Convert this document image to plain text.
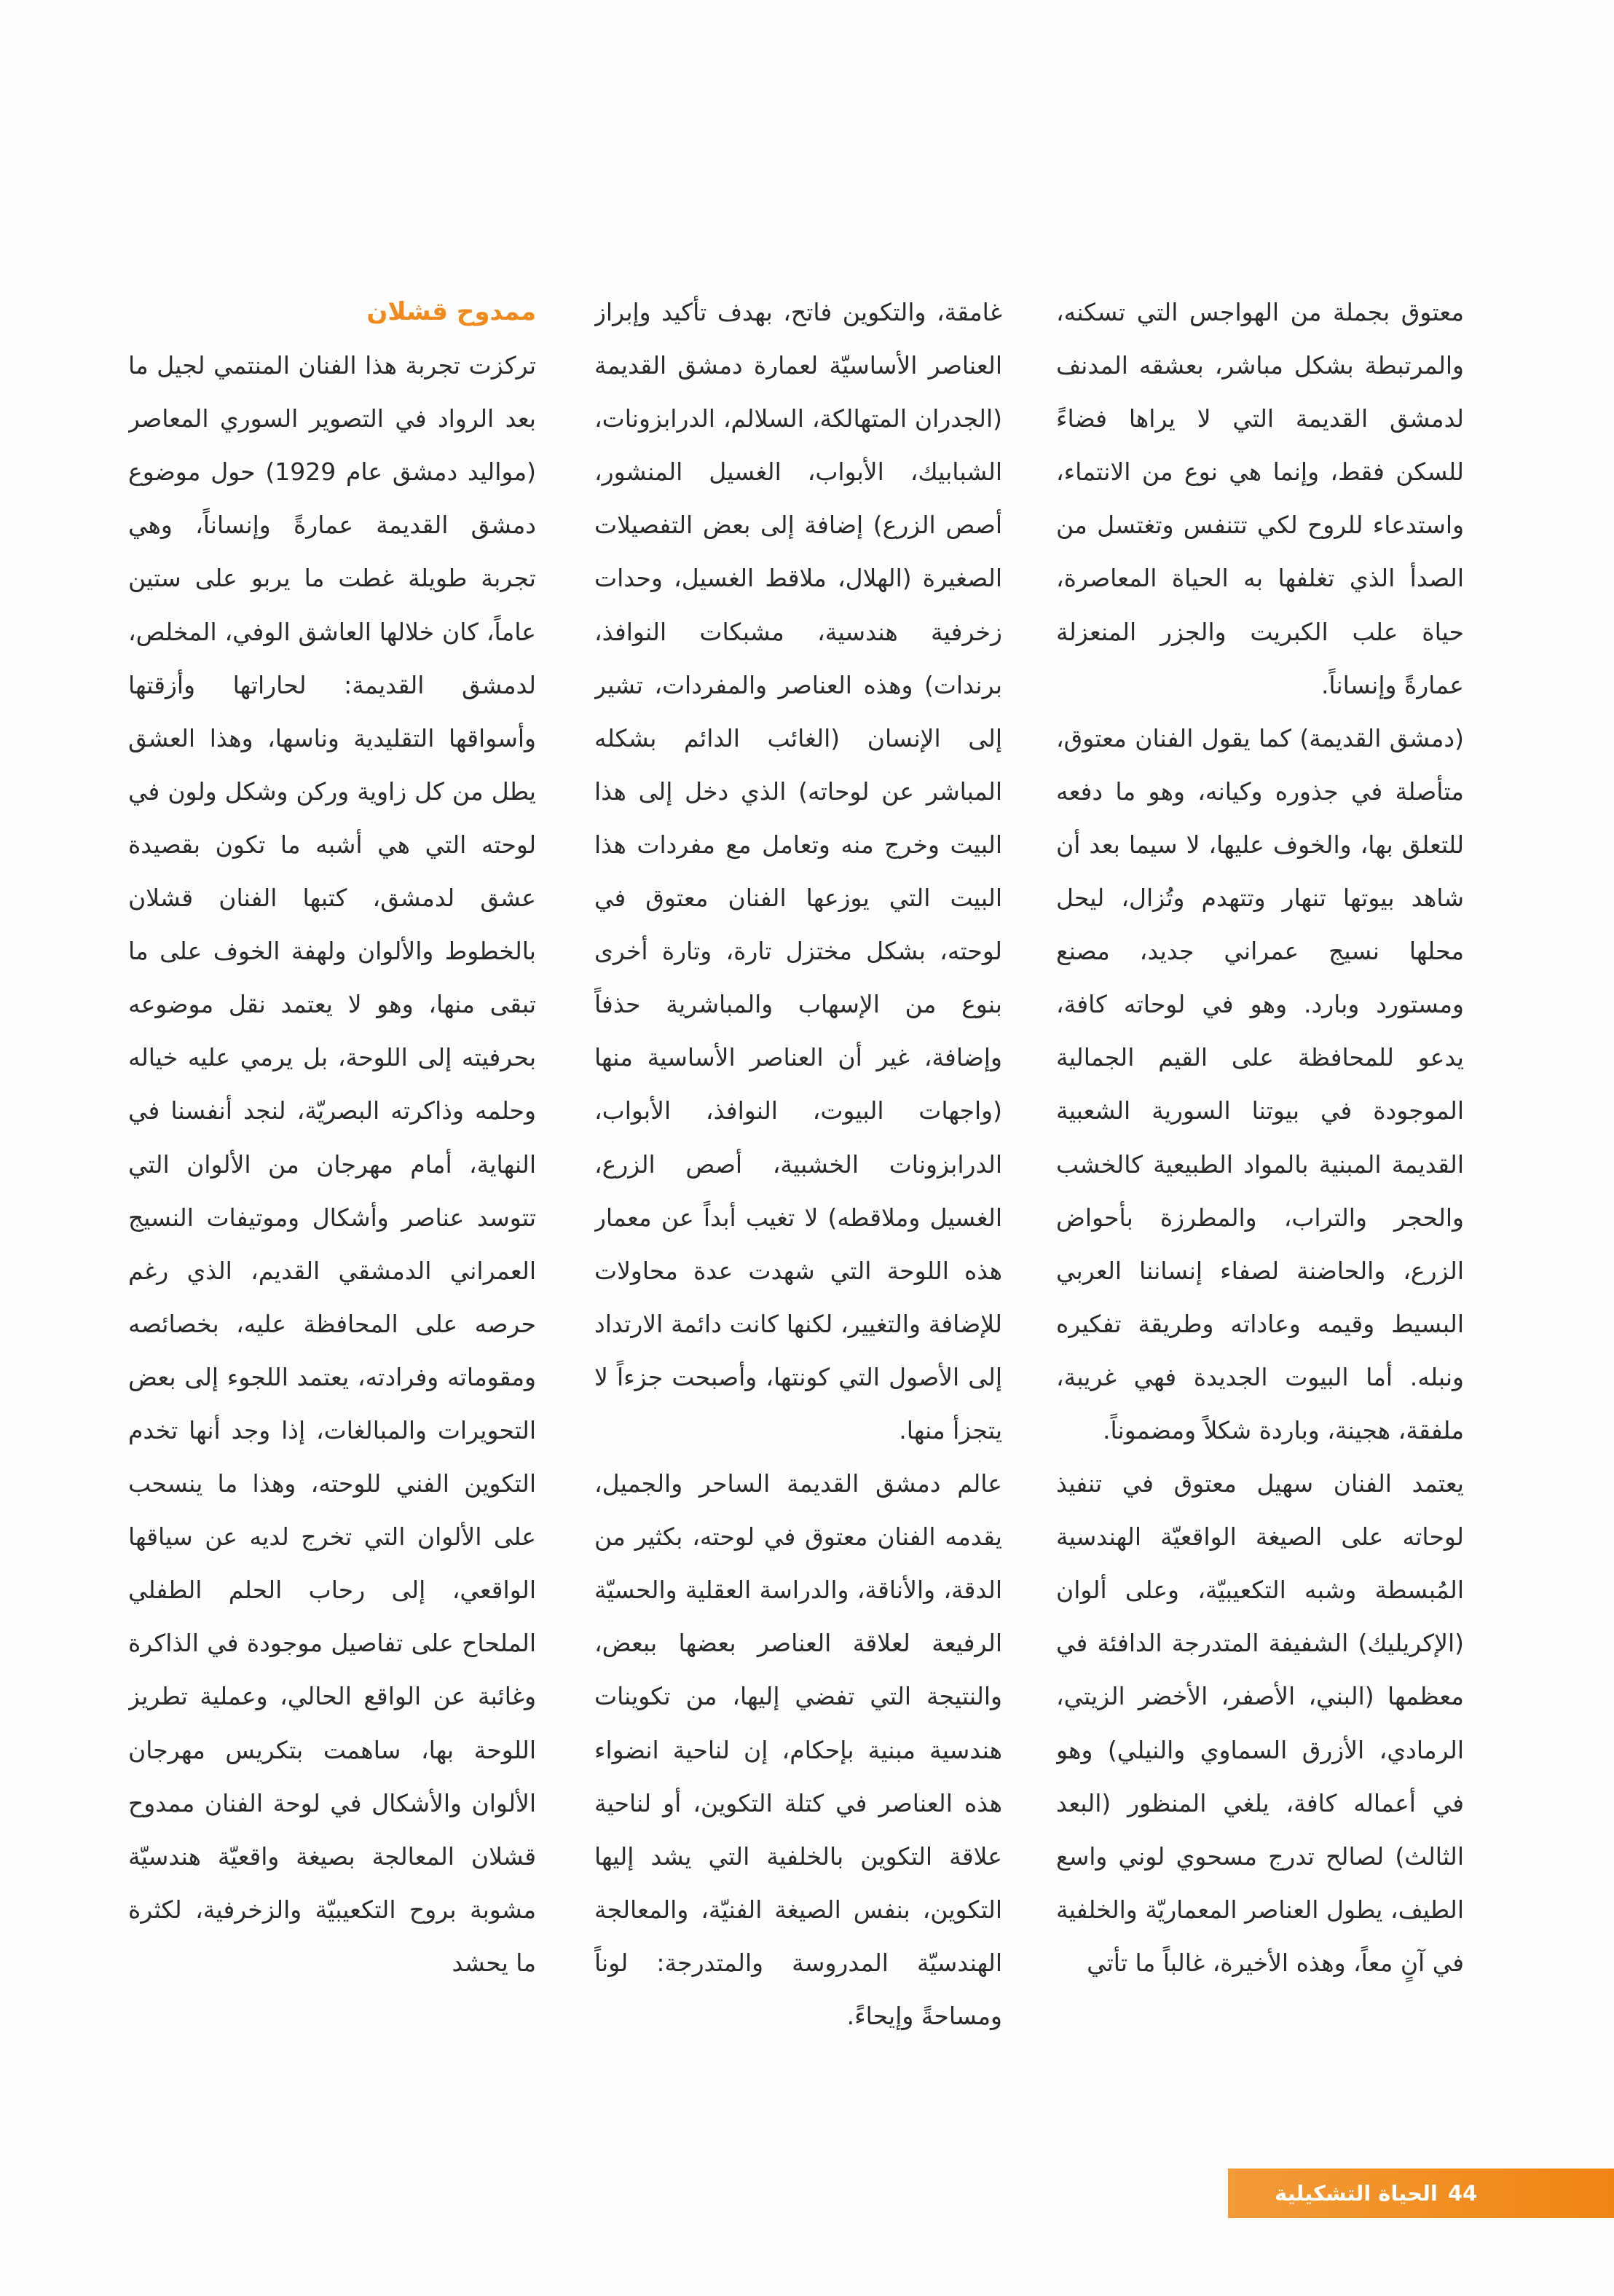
معتوق بجملة من الهواجس التي تسكنه، والمرتبطة بشكل مباشر، بعشقه المدنف لدمشق القديمة التي لا يراها فضاءً للسكن فقط، وإنما هي نوع من الانتماء، واستدعاء للروح لكي تتنفس وتغتسل من الصدأ الذي تغلفها به الحياة المعاصرة، حياة علب الكبريت والجزر المنعزلة عمارةً وإنساناً.

(دمشق القديمة) كما يقول الفنان معتوق، متأصلة في جذوره وكيانه، وهو ما دفعه للتعلق بها، والخوف عليها، لا سيما بعد أن شاهد بيوتها تنهار وتتهدم وتُزال، ليحل محلها نسيج عمراني جديد، مصنع ومستورد وبارد. وهو في لوحاته كافة، يدعو للمحافظة على القيم الجمالية الموجودة في بيوتنا السورية الشعبية القديمة المبنية بالمواد الطبيعية كالخشب والحجر والتراب، والمطرزة بأحواض الزرع، والحاضنة لصفاء إنساننا العربي البسيط وقيمه وعاداته وطريقة تفكيره ونبله. أما البيوت الجديدة فهي غريبة، ملفقة، هجينة، وباردة شكلاً ومضموناً.

يعتمد الفنان سهيل معتوق في تنفيذ لوحاته على الصيغة الواقعيّة الهندسية المُبسطة وشبه التكعيبيّة، وعلى ألوان (الإكريليك) الشفيفة المتدرجة الدافئة في معظمها (البني، الأصفر، الأخضر الزيتي، الرمادي، الأزرق السماوي والنيلي) وهو في أعماله كافة، يلغي المنظور (البعد الثالث) لصالح تدرج مسحوي لوني واسع الطيف، يطول العناصر المعماريّة والخلفية في آنٍ معاً، وهذه الأخيرة، غالباً ما تأتي

غامقة، والتكوين فاتح، بهدف تأكيد وإبراز العناصر الأساسيّة لعمارة دمشق القديمة (الجدران المتهالكة، السلالم، الدرابزونات، الشبابيك، الأبواب، الغسيل المنشور، أصص الزرع) إضافة إلى بعض التفصيلات الصغيرة (الهلال، ملاقط الغسيل، وحدات زخرفية هندسية، مشبكات النوافذ، برندات) وهذه العناصر والمفردات، تشير إلى الإنسان (الغائب الدائم بشكله المباشر عن لوحاته) الذي دخل إلى هذا البيت وخرج منه وتعامل مع مفردات هذا البيت التي يوزعها الفنان معتوق في لوحته، بشكل مختزل تارة، وتارة أخرى بنوع من الإسهاب والمباشرية حذفاً وإضافة، غير أن العناصر الأساسية منها (واجهات البيوت، النوافذ، الأبواب، الدرابزونات الخشبية، أصص الزرع، الغسيل وملاقطه) لا تغيب أبداً عن معمار هذه اللوحة التي شهدت عدة محاولات للإضافة والتغيير، لكنها كانت دائمة الارتداد إلى الأصول التي كونتها، وأصبحت جزءاً لا يتجزأ منها.

عالم دمشق القديمة الساحر والجميل، يقدمه الفنان معتوق في لوحته، بكثير من الدقة، والأناقة، والدراسة العقلية والحسيّة الرفيعة لعلاقة العناصر بعضها ببعض، والنتيجة التي تفضي إليها، من تكوينات هندسية مبنية بإحكام، إن لناحية انضواء هذه العناصر في كتلة التكوين، أو لناحية علاقة التكوين بالخلفية التي يشد إليها التكوين، بنفس الصيغة الفنيّة، والمعالجة الهندسيّة المدروسة والمتدرجة: لوناً ومساحةً وإيحاءً.

ممدوح قشلان

تركزت تجربة هذا الفنان المنتمي لجيل ما بعد الرواد في التصوير السوري المعاصر (مواليد دمشق عام 1929) حول موضوع دمشق القديمة عمارةً وإنساناً، وهي تجربة طويلة غطت ما يربو على ستين عاماً، كان خلالها العاشق الوفي، المخلص، لدمشق القديمة: لحاراتها وأزقتها وأسواقها التقليدية وناسها، وهذا العشق يطل من كل زاوية وركن وشكل ولون في لوحته التي هي أشبه ما تكون بقصيدة عشق لدمشق، كتبها الفنان قشلان بالخطوط والألوان ولهفة الخوف على ما تبقى منها، وهو لا يعتمد نقل موضوعه بحرفيته إلى اللوحة، بل يرمي عليه خياله وحلمه وذاكرته البصريّة، لنجد أنفسنا في النهاية، أمام مهرجان من الألوان التي تتوسد عناصر وأشكال وموتيفات النسيج العمراني الدمشقي القديم، الذي رغم حرصه على المحافظة عليه، بخصائصه ومقوماته وفرادته، يعتمد اللجوء إلى بعض التحويرات والمبالغات، إذا وجد أنها تخدم التكوين الفني للوحته، وهذا ما ينسحب على الألوان التي تخرج لديه عن سياقها الواقعي، إلى رحاب الحلم الطفلي الملحاح على تفاصيل موجودة في الذاكرة وغائبة عن الواقع الحالي، وعملية تطريز اللوحة بها، ساهمت بتكريس مهرجان الألوان والأشكال في لوحة الفنان ممدوح قشلان المعالجة بصيغة واقعيّة هندسيّة مشوبة بروح التكعيبيّة والزخرفية، لكثرة ما يحشد

44
الحياة التشكيلية
